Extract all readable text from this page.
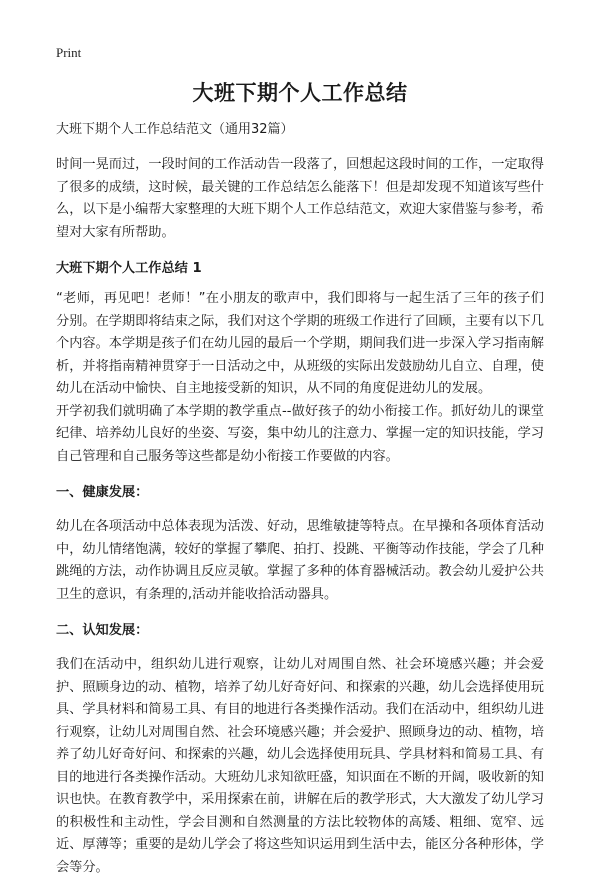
Print
大班下期个人工作总结
大班下期个人工作总结范文（通用32篇）

时间一晃而过，一段时间的工作活动告一段落了，回想起这段时间的工作，一定取得了很多的成绩，这时候，最关键的工作总结怎么能落下！但是却发现不知道该写些什么，以下是小编帮大家整理的大班下期个人工作总结范文，欢迎大家借鉴与参考，希望对大家有所帮助。

大班下期个人工作总结 1

“老师，再见吧！老师！”在小朋友的歌声中，我们即将与一起生活了三年的孩子们分别。在学期即将结束之际，我们对这个学期的班级工作进行了回顾，主要有以下几个内容。本学期是孩子们在幼儿园的最后一个学期，期间我们进一步深入学习指南解析，并将指南精神贯穿于一日活动之中，从班级的实际出发鼓励幼儿自立、自理，使幼儿在活动中愉快、自主地接受新的知识，从不同的角度促进幼儿的发展。

开学初我们就明确了本学期的教学重点--做好孩子的幼小衔接工作。抓好幼儿的课堂纪律、培养幼儿良好的坐姿、写姿，集中幼儿的注意力、掌握一定的知识技能，学习自己管理和自己服务等这些都是幼小衔接工作要做的内容。

一、健康发展：

幼儿在各项活动中总体表现为活泼、好动，思维敏捷等特点。在早操和各项体育活动中，幼儿情绪饱满，较好的掌握了攀爬、拍打、投跳、平衡等动作技能，学会了几种跳绳的方法，动作协调且反应灵敏。掌握了多种的体育器械活动。教会幼儿爱护公共卫生的意识，有条理的,活动并能收拾活动器具。

二、认知发展：

我们在活动中，组织幼儿进行观察，让幼儿对周围自然、社会环境感兴趣；并会爱护、照顾身边的动、植物，培养了幼儿好奇好问、和探索的兴趣，幼儿会选择使用玩具、学具材料和简易工具、有目的地进行各类操作活动。我们在活动中，组织幼儿进行观察，让幼儿对周围自然、社会环境感兴趣；并会爱护、照顾身边的动、植物，培养了幼儿好奇好问、和探索的兴趣，幼儿会选择使用玩具、学具材料和简易工具、有目的地进行各类操作活动。大班幼儿求知欲旺盛，知识面在不断的开阔，吸收新的知识也快。在教育教学中，采用探索在前，讲解在后的教学形式，大大激发了幼儿学习的积极性和主动性，学会目测和自然测量的方法比较物体的高矮、粗细、宽窄、远近、厚薄等；重要的是幼儿学会了将这些知识运用到生活中去，能区分各种形体，学会等分。
